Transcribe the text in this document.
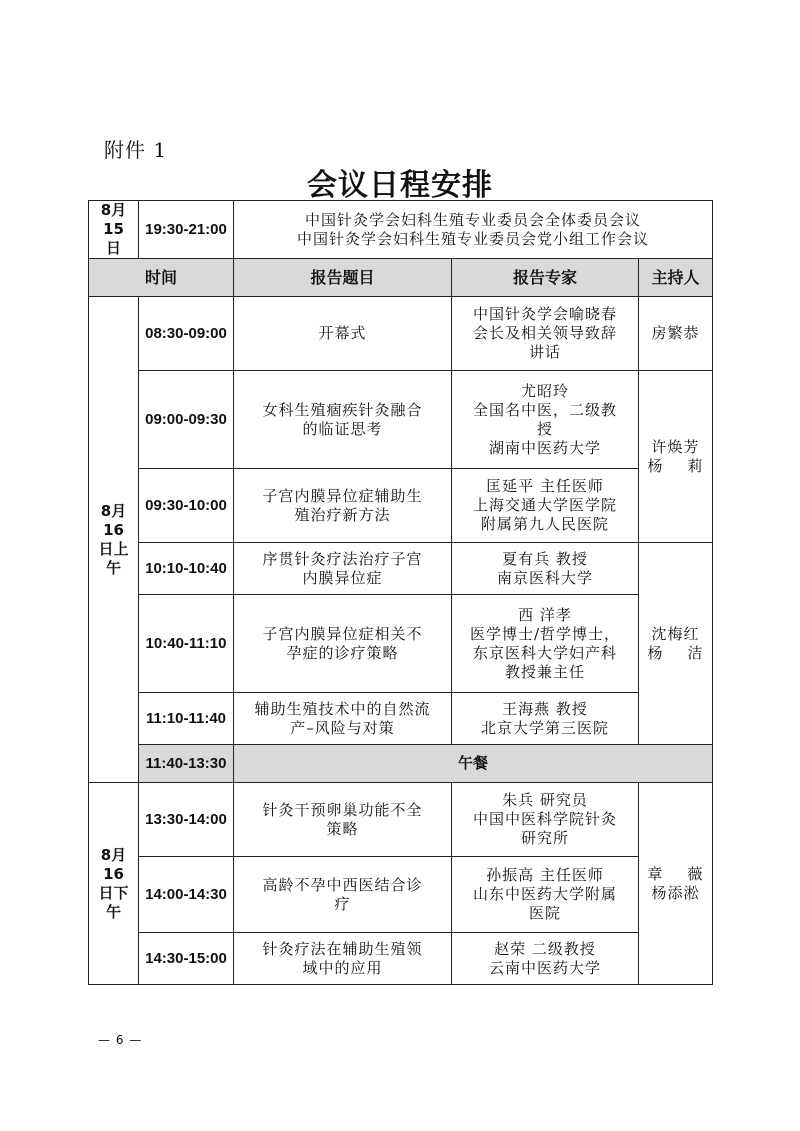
附件 1
会议日程安排
8月15
日	19:30-21:00	中国针灸学会妇科生殖专业委员会全体委员会议
中国针灸学会妇科生殖专业委员会党小组工作会议		

时间		报告题目	报告专家	主持人

8月16
日上
午	08:30-09:00	开幕式	中国针灸学会喻晓春
会长及相关领导致辞
讲话	房繁恭

	09:00-09:30	女科生殖痼疾针灸融合
的临证思考	尤昭玲
全国名中医，二级教
授
湖南中医药大学	许焕芳
杨 莉

	09:30-10:00	子宫内膜异位症辅助生
殖治疗新方法	匡延平 主任医师
上海交通大学医学院
附属第九人民医院	

	10:10-10:40	序贯针灸疗法治疗子宫
内膜异位症	夏有兵 教授
南京医科大学	沈梅红
杨 洁

	10:40-11:10	子宫内膜异位症相关不
孕症的诊疗策略	西 洋孝
医学博士/哲学博士，
东京医科大学妇产科
教授兼主任	

	11:10-11:40	辅助生殖技术中的自然流
产–风险与对策	王海燕 教授
北京大学第三医院	

	11:40-13:30	午餐		

8月16
日下
午	13:30-14:00	针灸干预卵巢功能不全
策略	朱兵 研究员
中国中医科学院针灸
研究所	章 薇
杨添淞

	14:00-14:30	高龄不孕中西医结合诊
疗	孙振高 主任医师
山东中医药大学附属
医院	

	14:30-15:00	针灸疗法在辅助生殖领
域中的应用	赵荣 二级教授
云南中医药大学	
— 6 —
